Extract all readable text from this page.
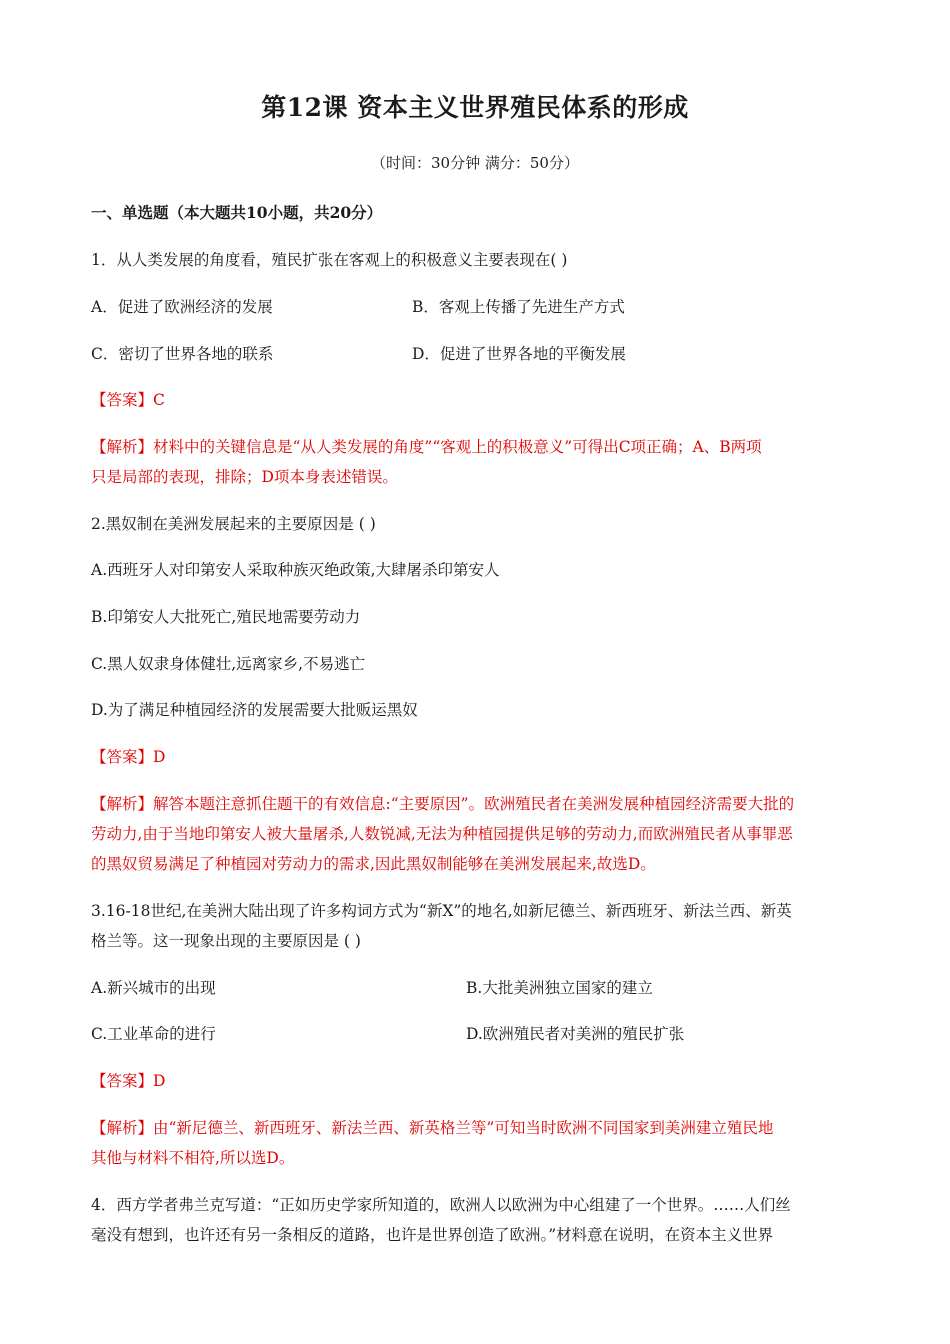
第12课 资本主义世界殖民体系的形成
（时间：30分钟 满分：50分）
一、单选题（本大题共10小题，共20分）
1．从人类发展的角度看，殖民扩张在客观上的积极意义主要表现在( )
A．促进了欧洲经济的发展	B．客观上传播了先进生产方式
C．密切了世界各地的联系	D．促进了世界各地的平衡发展
【答案】C
【解析】材料中的关键信息是“从人类发展的角度”“客观上的积极意义”可得出C项正确；A、B两项
只是局部的表现，排除；D项本身表述错误。
2.黑奴制在美洲发展起来的主要原因是 ( )
A.西班牙人对印第安人采取种族灭绝政策,大肆屠杀印第安人
B.印第安人大批死亡,殖民地需要劳动力
C.黑人奴隶身体健壮,远离家乡,不易逃亡
D.为了满足种植园经济的发展需要大批贩运黑奴
【答案】D
【解析】解答本题注意抓住题干的有效信息:“主要原因”。欧洲殖民者在美洲发展种植园经济需要大批的
劳动力,由于当地印第安人被大量屠杀,人数锐减,无法为种植园提供足够的劳动力,而欧洲殖民者从事罪恶
的黑奴贸易满足了种植园对劳动力的需求,因此黑奴制能够在美洲发展起来,故选D。
3.16-18世纪,在美洲大陆出现了许多构词方式为“新X”的地名,如新尼德兰、新西班牙、新法兰西、新英
格兰等。这一现象出现的主要原因是 ( )
A.新兴城市的出现	B.大批美洲独立国家的建立
C.工业革命的进行	D.欧洲殖民者对美洲的殖民扩张
【答案】D
【解析】由“新尼德兰、新西班牙、新法兰西、新英格兰等”可知当时欧洲不同国家到美洲建立殖民地
其他与材料不相符,所以选D。
4．西方学者弗兰克写道：“正如历史学家所知道的，欧洲人以欧洲为中心组建了一个世界。……人们丝
毫没有想到，也许还有另一条相反的道路，也许是世界创造了欧洲。”材料意在说明，在资本主义世界
